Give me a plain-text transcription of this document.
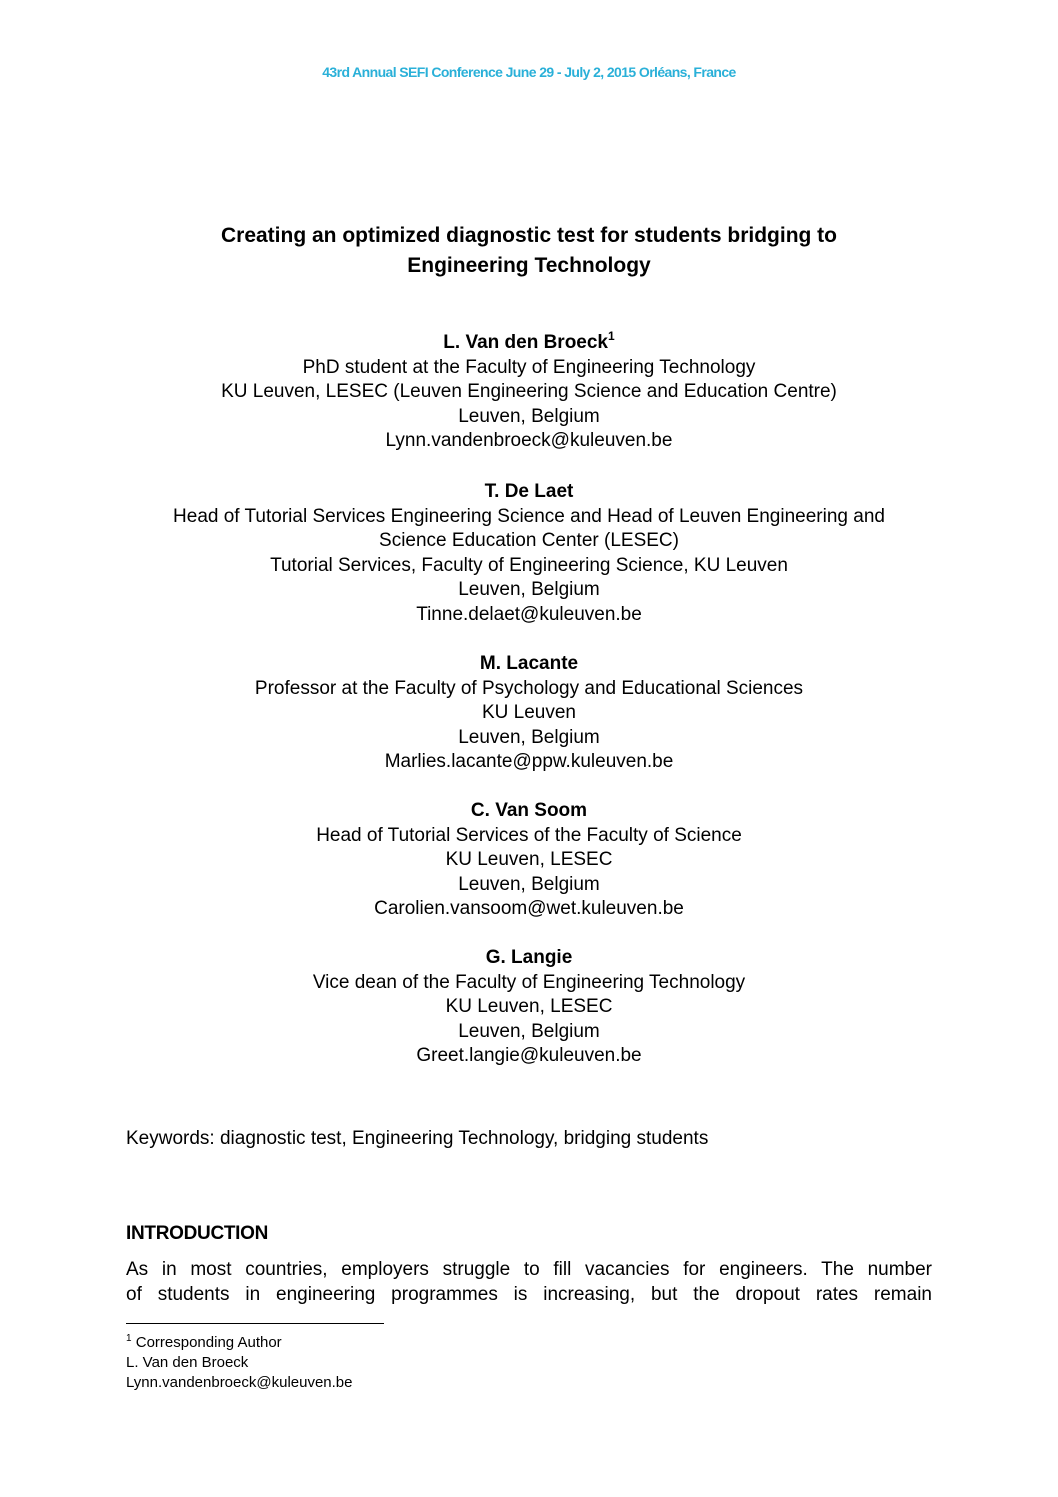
43rd Annual SEFI Conference June 29 - July 2, 2015 Orléans, France
Creating an optimized diagnostic test for students bridging to
Engineering Technology
L. Van den Broeck$^1$
PhD student at the Faculty of Engineering Technology
KU Leuven, LESEC (Leuven Engineering Science and Education Centre)
Leuven, Belgium
Lynn.vandenbroeck@kuleuven.be
T. De Laet
Head of Tutorial Services Engineering Science and Head of Leuven Engineering and
Science Education Center (LESEC)
Tutorial Services, Faculty of Engineering Science, KU Leuven
Leuven, Belgium
Tinne.delaet@kuleuven.be
M. Lacante
Professor at the Faculty of Psychology and Educational Sciences
KU Leuven
Leuven, Belgium
Marlies.lacante@ppw.kuleuven.be
C. Van Soom
Head of Tutorial Services of the Faculty of Science
KU Leuven, LESEC
Leuven, Belgium
Carolien.vansoom@wet.kuleuven.be
G. Langie
Vice dean of the Faculty of Engineering Technology
KU Leuven, LESEC
Leuven, Belgium
Greet.langie@kuleuven.be
Keywords: diagnostic test, Engineering Technology, bridging students
INTRODUCTION
As in most countries, employers struggle to fill vacancies for engineers. The number
of students in engineering programmes is increasing, but the dropout rates remain
$^1$ Corresponding Author
L. Van den Broeck
Lynn.vandenbroeck@kuleuven.be
